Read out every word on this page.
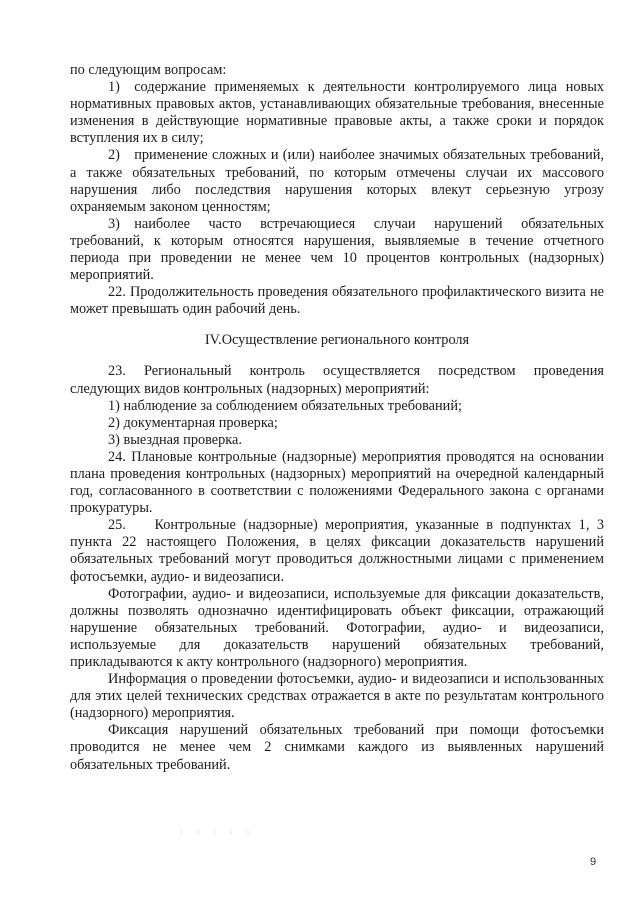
по следующим вопросам:

1) содержание применяемых к деятельности контролируемого лица новых нормативных правовых актов, устанавливающих обязательные требования, внесенные изменения в действующие нормативные правовые акты, а также сроки и порядок вступления их в силу;

2) применение сложных и (или) наиболее значимых обязательных требований, а также обязательных требований, по которым отмечены случаи их массового нарушения либо последствия нарушения которых влекут серьезную угрозу охраняемым законом ценностям;

3) наиболее часто встречающиеся случаи нарушений обязательных требований, к которым относятся нарушения, выявляемые в течение отчетного периода при проведении не менее чем 10 процентов контрольных (надзорных) мероприятий.

22. Продолжительность проведения обязательного профилактического визита не может превышать один рабочий день.

IV.Осуществление регионального контроля

23. Региональный контроль осуществляется посредством проведения следующих видов контрольных (надзорных) мероприятий:

1) наблюдение за соблюдением обязательных требований;

2) документарная проверка;

3) выездная проверка.

24. Плановые контрольные (надзорные) мероприятия проводятся на основании плана проведения контрольных (надзорных) мероприятий на очередной календарный год, согласованного в соответствии с положениями Федерального закона с органами прокуратуры.

25.  Контрольные (надзорные) мероприятия, указанные в подпунктах 1, 3 пункта 22 настоящего Положения, в целях фиксации доказательств нарушений обязательных требований могут проводиться должностными лицами с применением фотосъемки, аудио- и видеозаписи.

Фотографии, аудио- и видеозаписи, используемые для фиксации доказательств, должны позволять однозначно идентифицировать объект фиксации, отражающий нарушение обязательных требований. Фотографии, аудио- и видеозаписи, используемые для доказательств нарушений обязательных требований, прикладываются к акту контрольного (надзорного) мероприятия.

Информация о проведении фотосъемки, аудио- и видеозаписи и использованных для этих целей технических средствах отражается в акте по результатам контрольного (надзорного) мероприятия.

Фиксация нарушений обязательных требований при помощи фотосъемки проводится не менее чем 2 снимками каждого из выявленных нарушений обязательных требований.

· · · · ·
9
